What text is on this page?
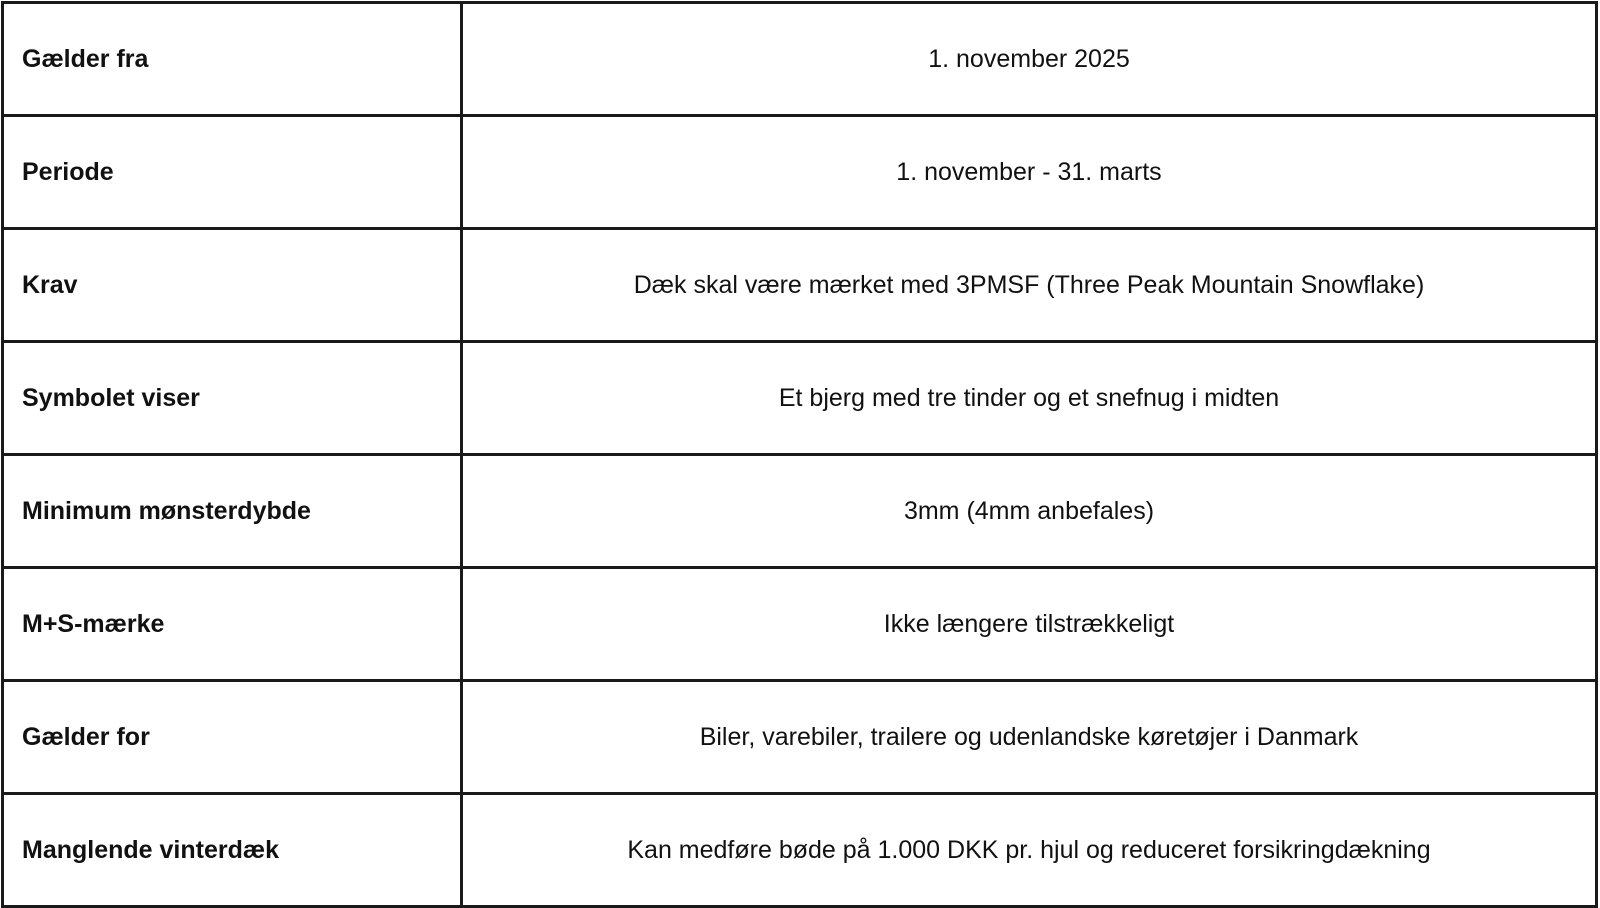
Gælder fra	1. november 2025
Periode	1. november - 31. marts
Krav	Dæk skal være mærket med 3PMSF (Three Peak Mountain Snowflake)
Symbolet viser	Et bjerg med tre tinder og et snefnug i midten
Minimum mønsterdybde	3mm (4mm anbefales)
M+S-mærke	Ikke længere tilstrækkeligt
Gælder for	Biler, varebiler, trailere og udenlandske køretøjer i Danmark
Manglende vinterdæk	Kan medføre bøde på 1.000 DKK pr. hjul og reduceret forsikringdækning
